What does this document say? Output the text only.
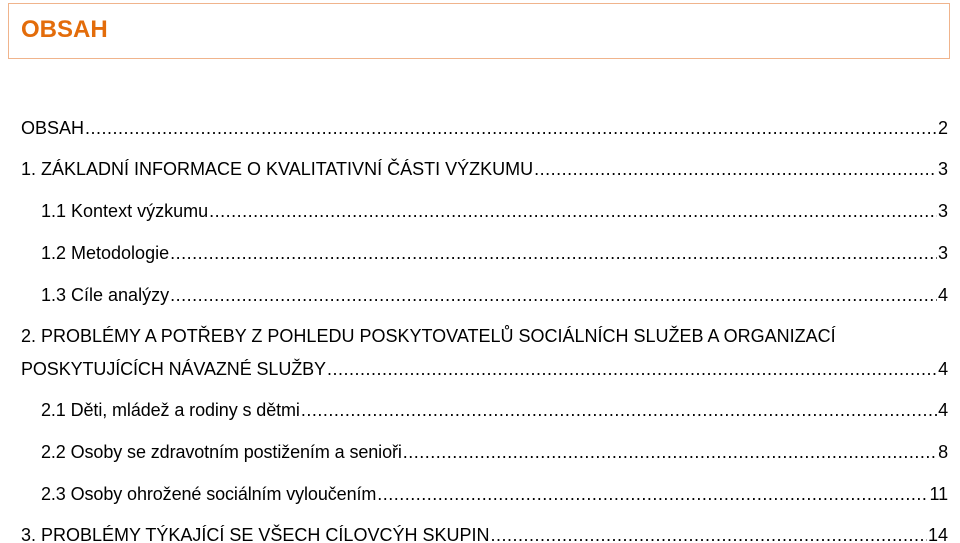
OBSAH
OBSAH .....	2
1. ZÁKLADNÍ INFORMACE O KVALITATIVNÍ ČÁSTI VÝZKUMU .....	3
1.1 Kontext výzkumu .....	3
1.2 Metodologie .....	3
1.3 Cíle analýzy .....	4
2. PROBLÉMY A POTŘEBY Z POHLEDU POSKYTOVATELŮ SOCIÁLNÍCH SLUŽEB A ORGANIZACÍ
POSKYTUJÍCÍCH NÁVAZNÉ SLUŽBY .....	4
2.1 Děti, mládež a rodiny s dětmi .....	4
2.2 Osoby se zdravotním postižením a senioři .....	8
2.3 Osoby ohrožené sociálním vyloučením .....	11
3. PROBLÉMY TÝKAJÍCÍ SE VŠECH CÍLOVCÝH SKUPIN .....	14
